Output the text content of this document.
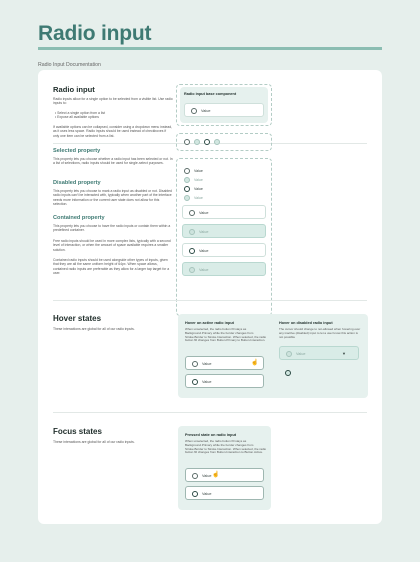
Radio input
Radio Input Documentation
Radio input
Radio inputs allow for a single option to be selected from a visible list. Use radio inputs to:
• Select a single option from a list
• Expose all available options
If available options can be collapsed, consider using a dropdown menu instead, as it uses less space. Radio inputs should be used instead of checkboxes if only one item can be selected from a list.
Radio input base component
Value
Selected property
This property lets you choose whether a radio input has been selected or not. In a list of selections, radio inputs should be used for single-select purposes.
Disabled property
This property lets you choose to mark a radio input as disabled or not. Disabled radio inputs can't be interacted with, typically when another part of the interface needs more information or the current user state does not allow for this selection.
Value
Value
Value
Value
Contained property
This property lets you choose to have the radio inputs or contain them within a predefined container.
Free radio inputs should be used in more complex lists, typically with a second level of interaction, or when the amount of space available requires a smaller solution.
Contained radio inputs should be used alongside other types of inputs, given that they are all the same uniform height of 64px. When space allows, contained radio inputs are preferable as they allow for a larger tap target for a user.
Value
Value
Value
Value
Hover states
These interactions are global for all of our radio inputs.
Hover on active radio input
When unselected, the radio button fill stays as Background.Primary while the border changes from Stroke.Border to Stroke.Interaction. When selected, the radio button fill changes from Button.Primary to Button.Interaction.
Value	☝
Value
Hover on disabled radio input
The cursor should change to not-allowed when hovering over any inactive (disabled) input to let a user know this action is not possible
Value	▼
Focus states
These interactions are global for all of our radio inputs.
Pressed state on radio input
When unselected, the radio button fill stays as Background.Primary while the border changes from Stroke.Border to Stroke.Interaction. When selected, the radio button fill changes from Button.Interaction to Button.Active.
Value ☝
Value
